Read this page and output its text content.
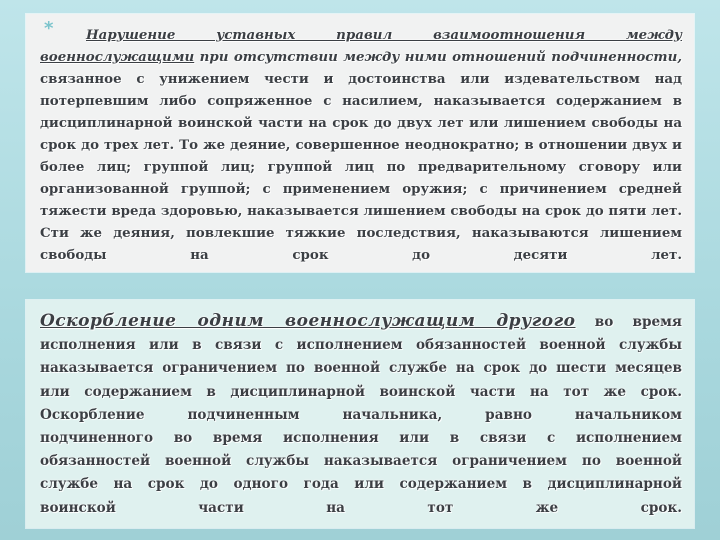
*	Нарушение уставных правил взаимоотношения между
военнослужащими при отсутствии между ними отношений подчиненности,
связанное с унижением чести и достоинства или издевательством над
потерпевшим либо сопряженное с насилием, наказывается содержанием в
дисциплинарной воинской части на срок до двух лет или лишением свободы на
срок до трех лет. То же деяние, совершенное неоднократно; в отношении двух и
более лиц; группой лиц; группой лиц по предварительному сговору или
организованной группой; с применением оружия; с причинением средней
тяжести вреда здоровью, наказывается лишением свободы на срок до пяти лет.
Сти же деяния, повлекшие тяжкие последствия, наказываются лишением
свободы на срок до десяти лет.
Оскорбление одним военнослужащим другого во время
исполнения или в связи с исполнением обязанностей военной службы
наказывается ограничением по военной службе на срок до шести месяцев
или содержанием в дисциплинарной воинской части на тот же срок.
Оскорбление подчиненным начальника, равно начальником
подчиненного во время исполнения или в связи с исполнением
обязанностей военной службы наказывается ограничением по военной
службе на срок до одного года или содержанием в дисциплинарной
воинской части на тот же срок.
